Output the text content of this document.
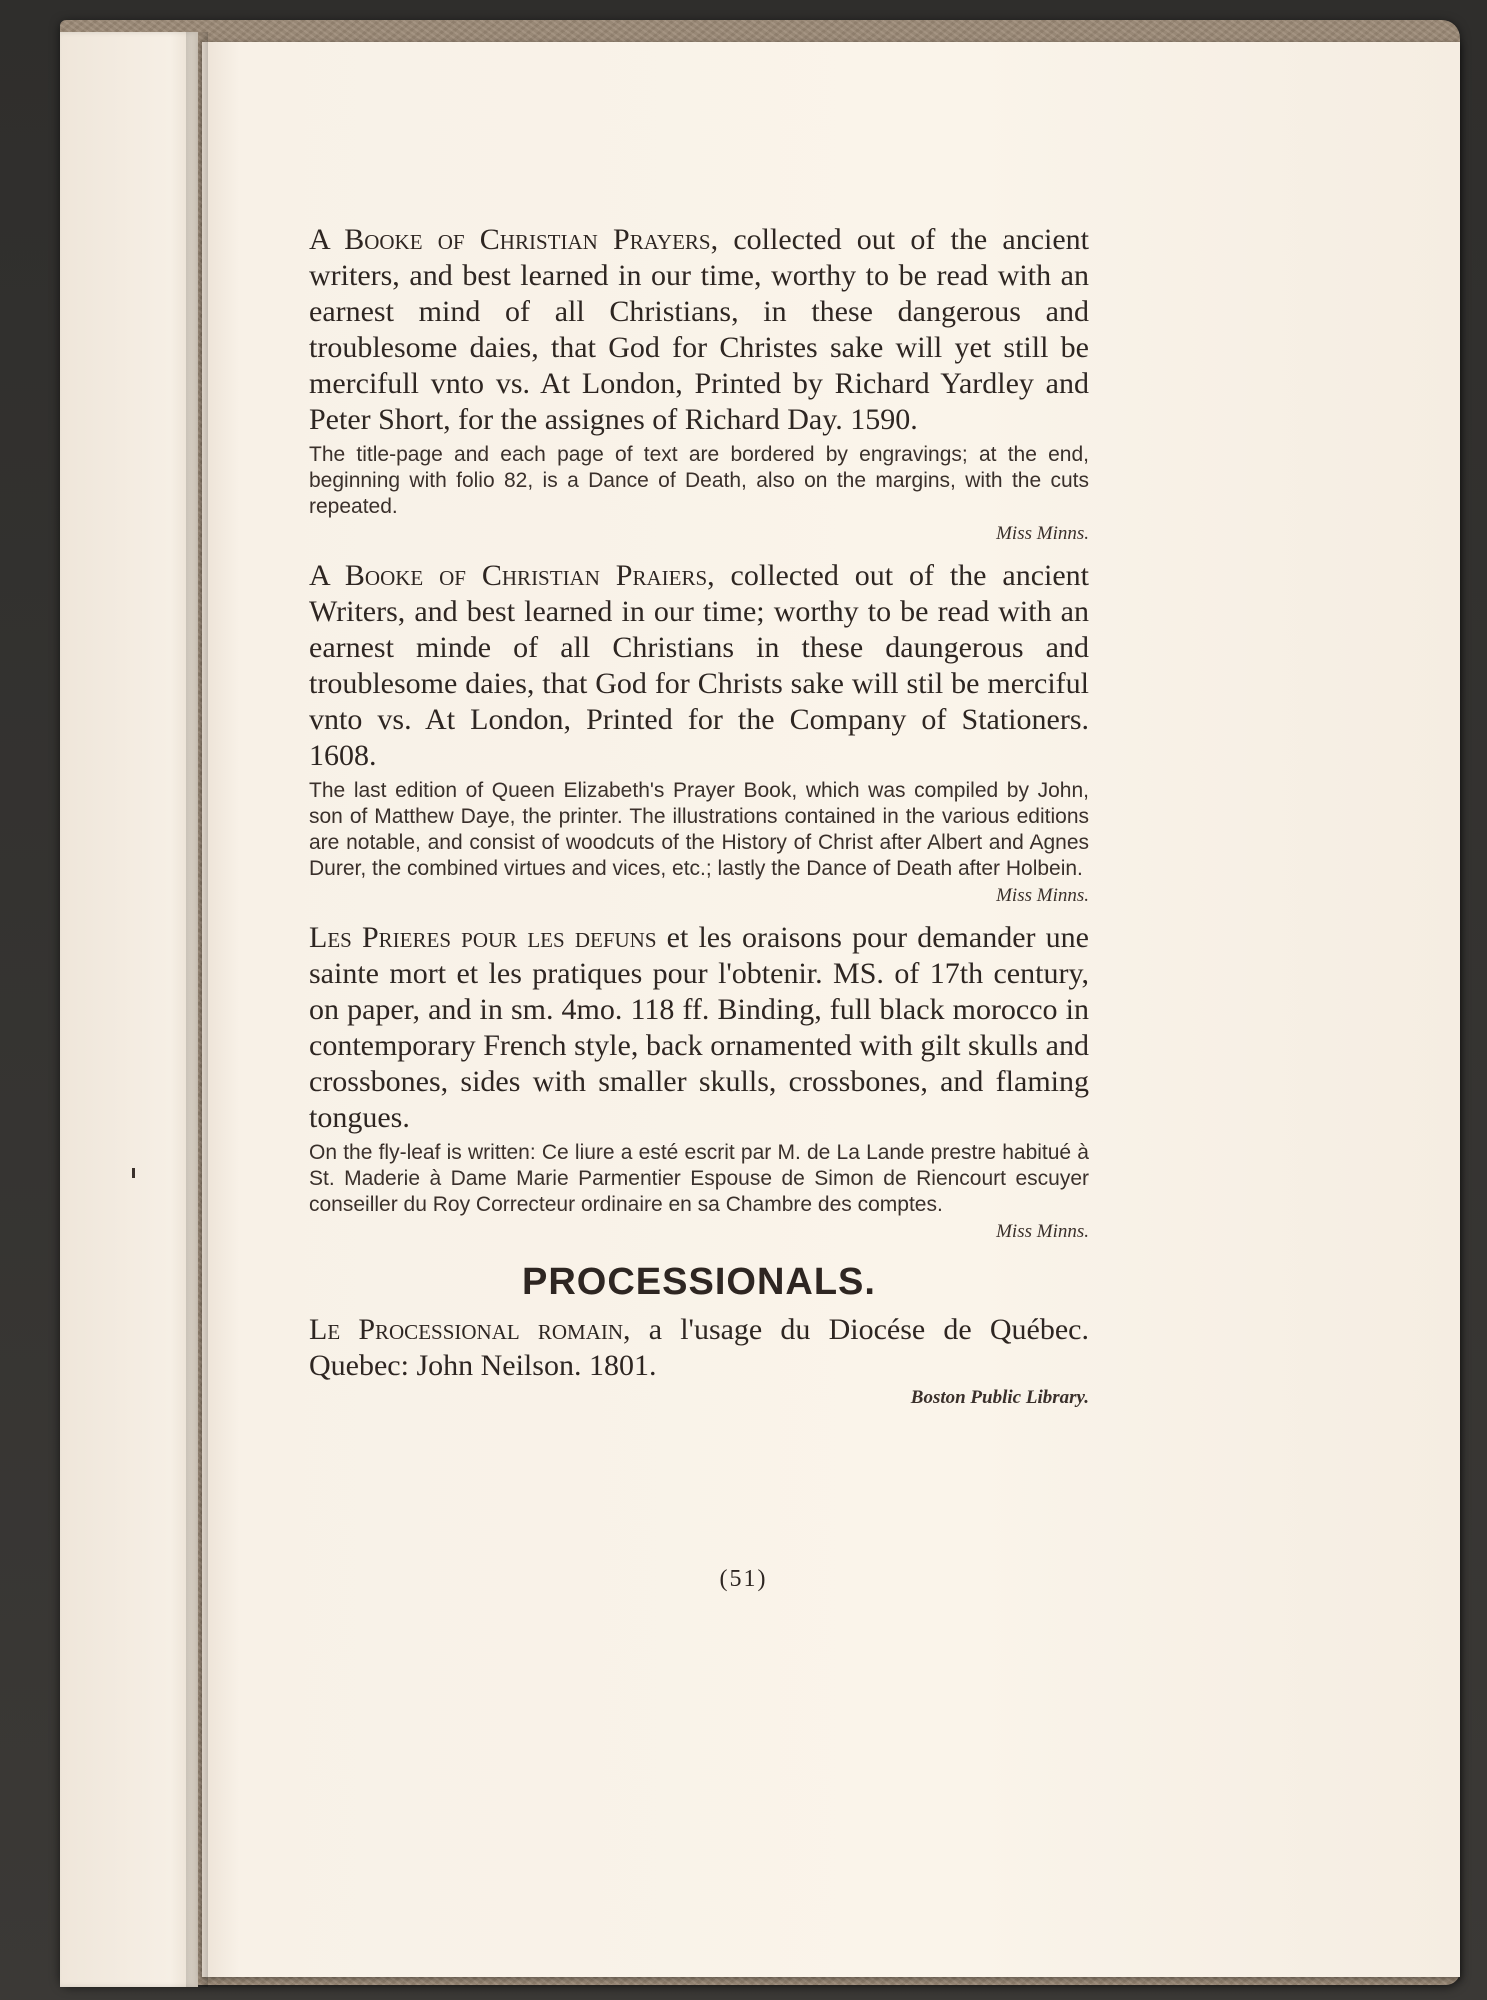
A Booke of Christian Prayers, collected out of the ancient writers, and best learned in our time, worthy to be read with an earnest mind of all Christians, in these dangerous and troublesome daies, that God for Christes sake will yet still be mercifull vnto vs. At London, Printed by Richard Yardley and Peter Short, for the assignes of Richard Day. 1590.

The title-page and each page of text are bordered by engravings; at the end, beginning with folio 82, is a Dance of Death, also on the margins, with the cuts repeated.

Miss Minns.

A Booke of Christian Praiers, collected out of the ancient Writers, and best learned in our time; worthy to be read with an earnest minde of all Christians in these daungerous and troublesome daies, that God for Christs sake will stil be merciful vnto vs. At London, Printed for the Company of Stationers. 1608.

The last edition of Queen Elizabeth's Prayer Book, which was compiled by John, son of Matthew Daye, the printer. The illustrations contained in the various editions are notable, and consist of woodcuts of the History of Christ after Albert and Agnes Durer, the combined virtues and vices, etc.; lastly the Dance of Death after Holbein.

Miss Minns.

Les Prieres pour les defuns et les oraisons pour demander une sainte mort et les pratiques pour l'obtenir. MS. of 17th century, on paper, and in sm. 4mo. 118 ff. Binding, full black morocco in contemporary French style, back ornamented with gilt skulls and crossbones, sides with smaller skulls, crossbones, and flaming tongues.

On the fly-leaf is written: Ce liure a esté escrit par M. de La Lande prestre habitué à St. Maderie à Dame Marie Parmentier Espouse de Simon de Riencourt escuyer conseiller du Roy Correcteur ordinaire en sa Chambre des comptes.

Miss Minns.

PROCESSIONALS.

Le Processional romain, a l'usage du Diocése de Québec. Quebec: John Neilson. 1801.

Boston Public Library.

(51)
